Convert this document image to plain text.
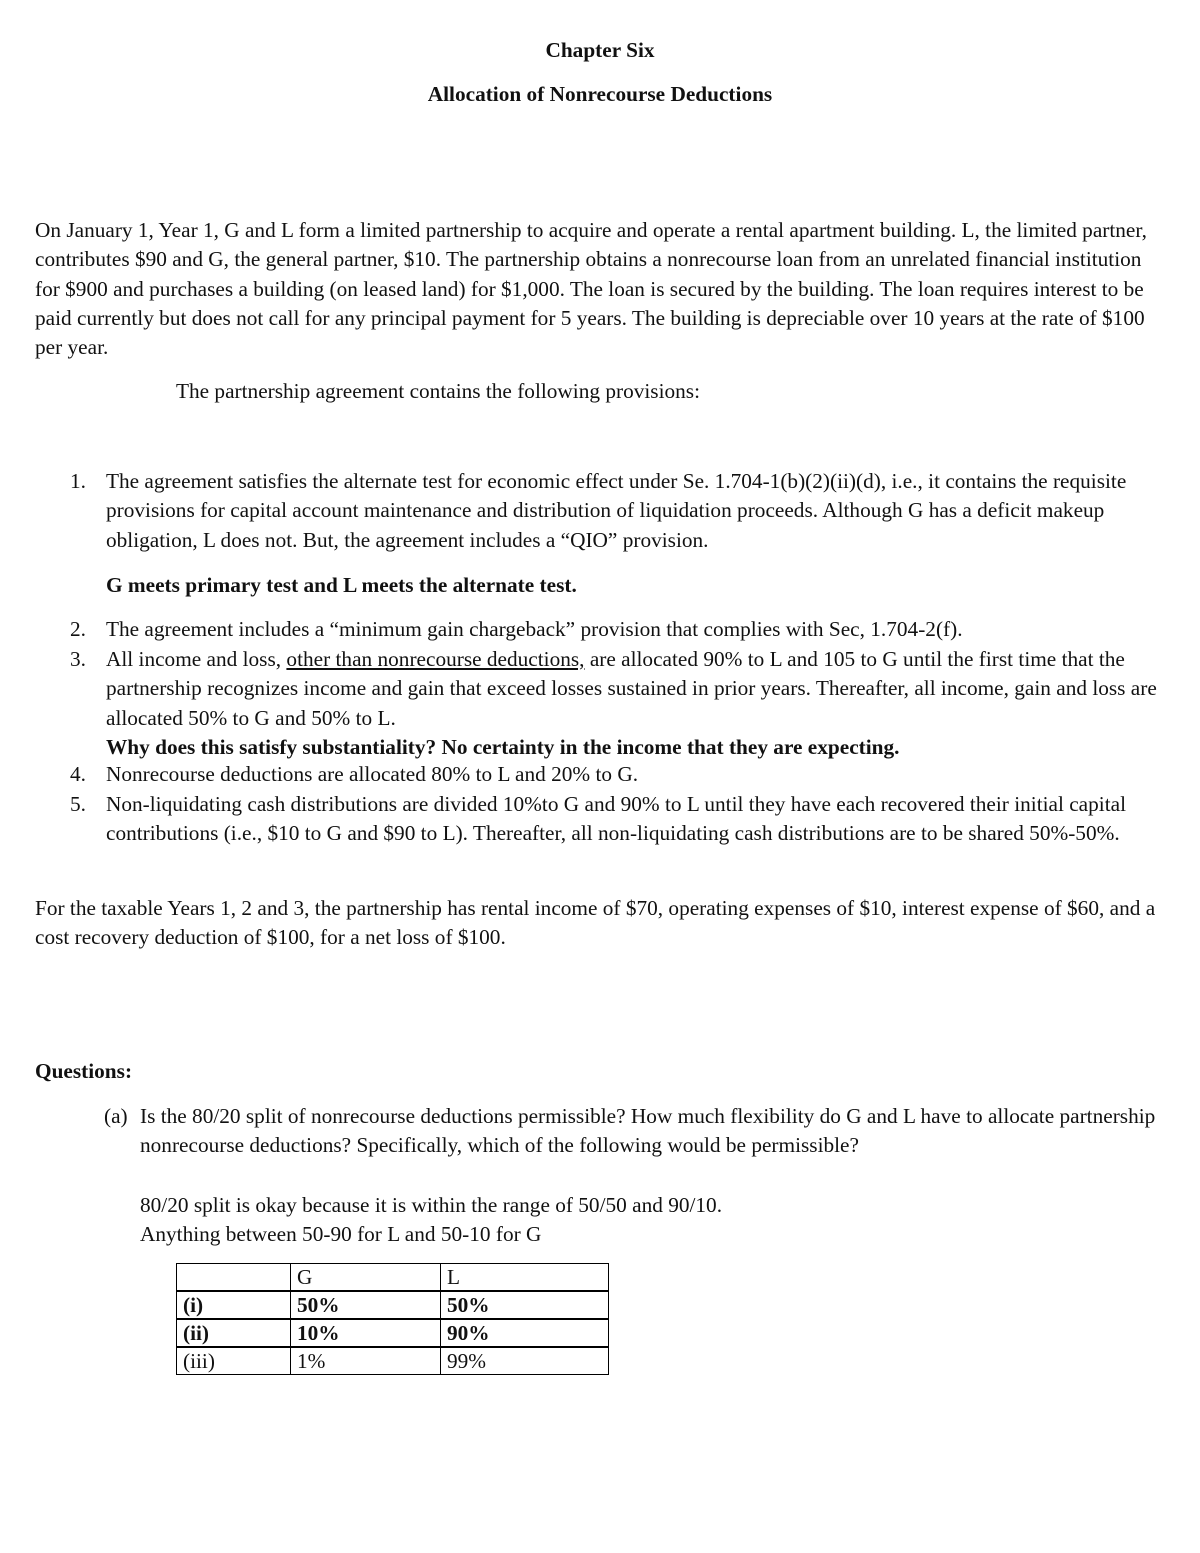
Chapter Six

Allocation of Nonrecourse Deductions

On January 1, Year 1, G and L form a limited partnership to acquire and operate a rental apartment building. L, the limited partner, contributes $90 and G, the general partner, $10. The partnership obtains a nonrecourse loan from an unrelated financial institution for $900 and purchases a building (on leased land) for $1,000. The loan is secured by the building. The loan requires interest to be paid currently but does not call for any principal payment for 5 years. The building is depreciable over 10 years at the rate of $100 per year.

The partnership agreement contains the following provisions:

1. The agreement satisfies the alternate test for economic effect under Se. 1.704-1(b)(2)(ii)(d), i.e., it contains the requisite provisions for capital account maintenance and distribution of liquidation proceeds. Although G has a deficit makeup obligation, L does not. But, the agreement includes a “QIO” provision.

G meets primary test and L meets the alternate test.

2. The agreement includes a “minimum gain chargeback” provision that complies with Sec, 1.704-2(f).
3. All income and loss, other than nonrecourse deductions, are allocated 90% to L and 105 to G until the first time that the partnership recognizes income and gain that exceed losses sustained in prior years. Thereafter, all income, gain and loss are allocated 50% to G and 50% to L.

Why does this satisfy substantiality? No certainty in the income that they are expecting.

4. Nonrecourse deductions are allocated 80% to L and 20% to G.
5. Non-liquidating cash distributions are divided 10%to G and 90% to L until they have each recovered their initial capital contributions (i.e., $10 to G and $90 to L). Thereafter, all non-liquidating cash distributions are to be shared 50%-50%.

For the taxable Years 1, 2 and 3, the partnership has rental income of $70, operating expenses of $10, interest expense of $60, and a cost recovery deduction of $100, for a net loss of $100.

Questions:

(a) Is the 80/20 split of nonrecourse deductions permissible? How much flexibility do G and L have to allocate partnership nonrecourse deductions? Specifically, which of the following would be permissible?

80/20 split is okay because it is within the range of 50/50 and 90/10.

Anything between 50-90 for L and 50-10 for G

	G	L
(i)	50%	50%
(ii)	10%	90%
(iii)	1%	99%
